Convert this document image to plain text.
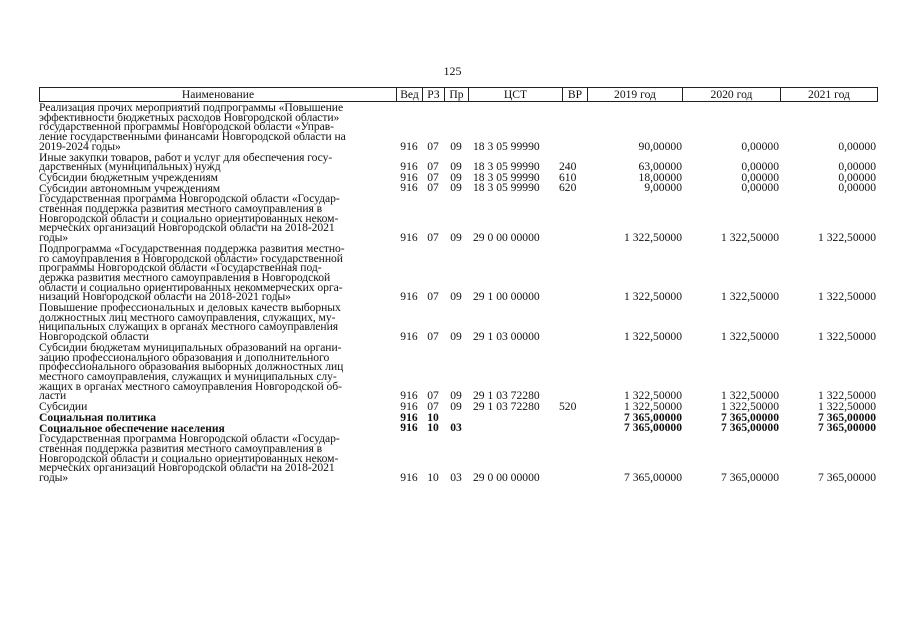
125
Наименование	Вед РЗ Пр	ЦСТ	ВР	2019 год	2020 год	2021 год
Реализация прочих мероприятий подпрограммы «Повышение
эффективности бюджетных расходов Новгородской области»
государственной программы Новгородской области «Управ-
ление государственными финансами Новгородской области на
2019-2024 годы»	916 07 09 18 3 05 99990	90,00000	0,00000	0,00000
Иные закупки товаров, работ и услуг для обеспечения госу-
дарственных (муниципальных) нужд	916 07 09 18 3 05 99990	240	63,00000	0,00000	0,00000
Субсидии бюджетным учреждениям	916 07 09 18 3 05 99990	610	18,00000	0,00000	0,00000
Субсидии автономным учреждениям	916 07 09 18 3 05 99990	620	9,00000	0,00000	0,00000
Государственная программа Новгородской области «Государ-
ственная поддержка развития местного самоуправления в
Новгородской области и социально ориентированных неком-
мерческих организаций Новгородской области на 2018-2021
годы»	916 07 09 29 0 00 00000	1 322,50000	1 322,50000	1 322,50000
Подпрограмма «Государственная поддержка развития местно-
го самоуправления в Новгородской области» государственной
программы Новгородской области «Государственная под-
держка развития местного самоуправления в Новгородской
области и социально ориентированных некоммерческих орга-
низаций Новгородской области на 2018-2021 годы»	916 07 09 29 1 00 00000	1 322,50000	1 322,50000	1 322,50000
Повышение профессиональных и деловых качеств выборных
должностных лиц местного самоуправления, служащих, му-
ниципальных служащих в органах местного самоуправления
Новгородской области	916 07 09 29 1 03 00000	1 322,50000	1 322,50000	1 322,50000
Субсидии бюджетам муниципальных образований на органи-
зацию профессионального образования и дополнительного
профессионального образования выборных должностных лиц
местного самоуправления, служащих и муниципальных слу-
жащих в органах местного самоуправления Новгородской об-
ласти	916 07 09 29 1 03 72280	1 322,50000	1 322,50000	1 322,50000
Субсидии	916 07 09 29 1 03 72280	520	1 322,50000	1 322,50000	1 322,50000
Социальная политика	916 10	7 365,00000	7 365,00000	7 365,00000
Социальное обеспечение населения	916 10 03	7 365,00000	7 365,00000	7 365,00000
Государственная программа Новгородской области «Государ-
ственная поддержка развития местного самоуправления в
Новгородской области и социально ориентированных неком-
мерческих организаций Новгородской области на 2018-2021
годы»	916 10 03 29 0 00 00000	7 365,00000	7 365,00000	7 365,00000
